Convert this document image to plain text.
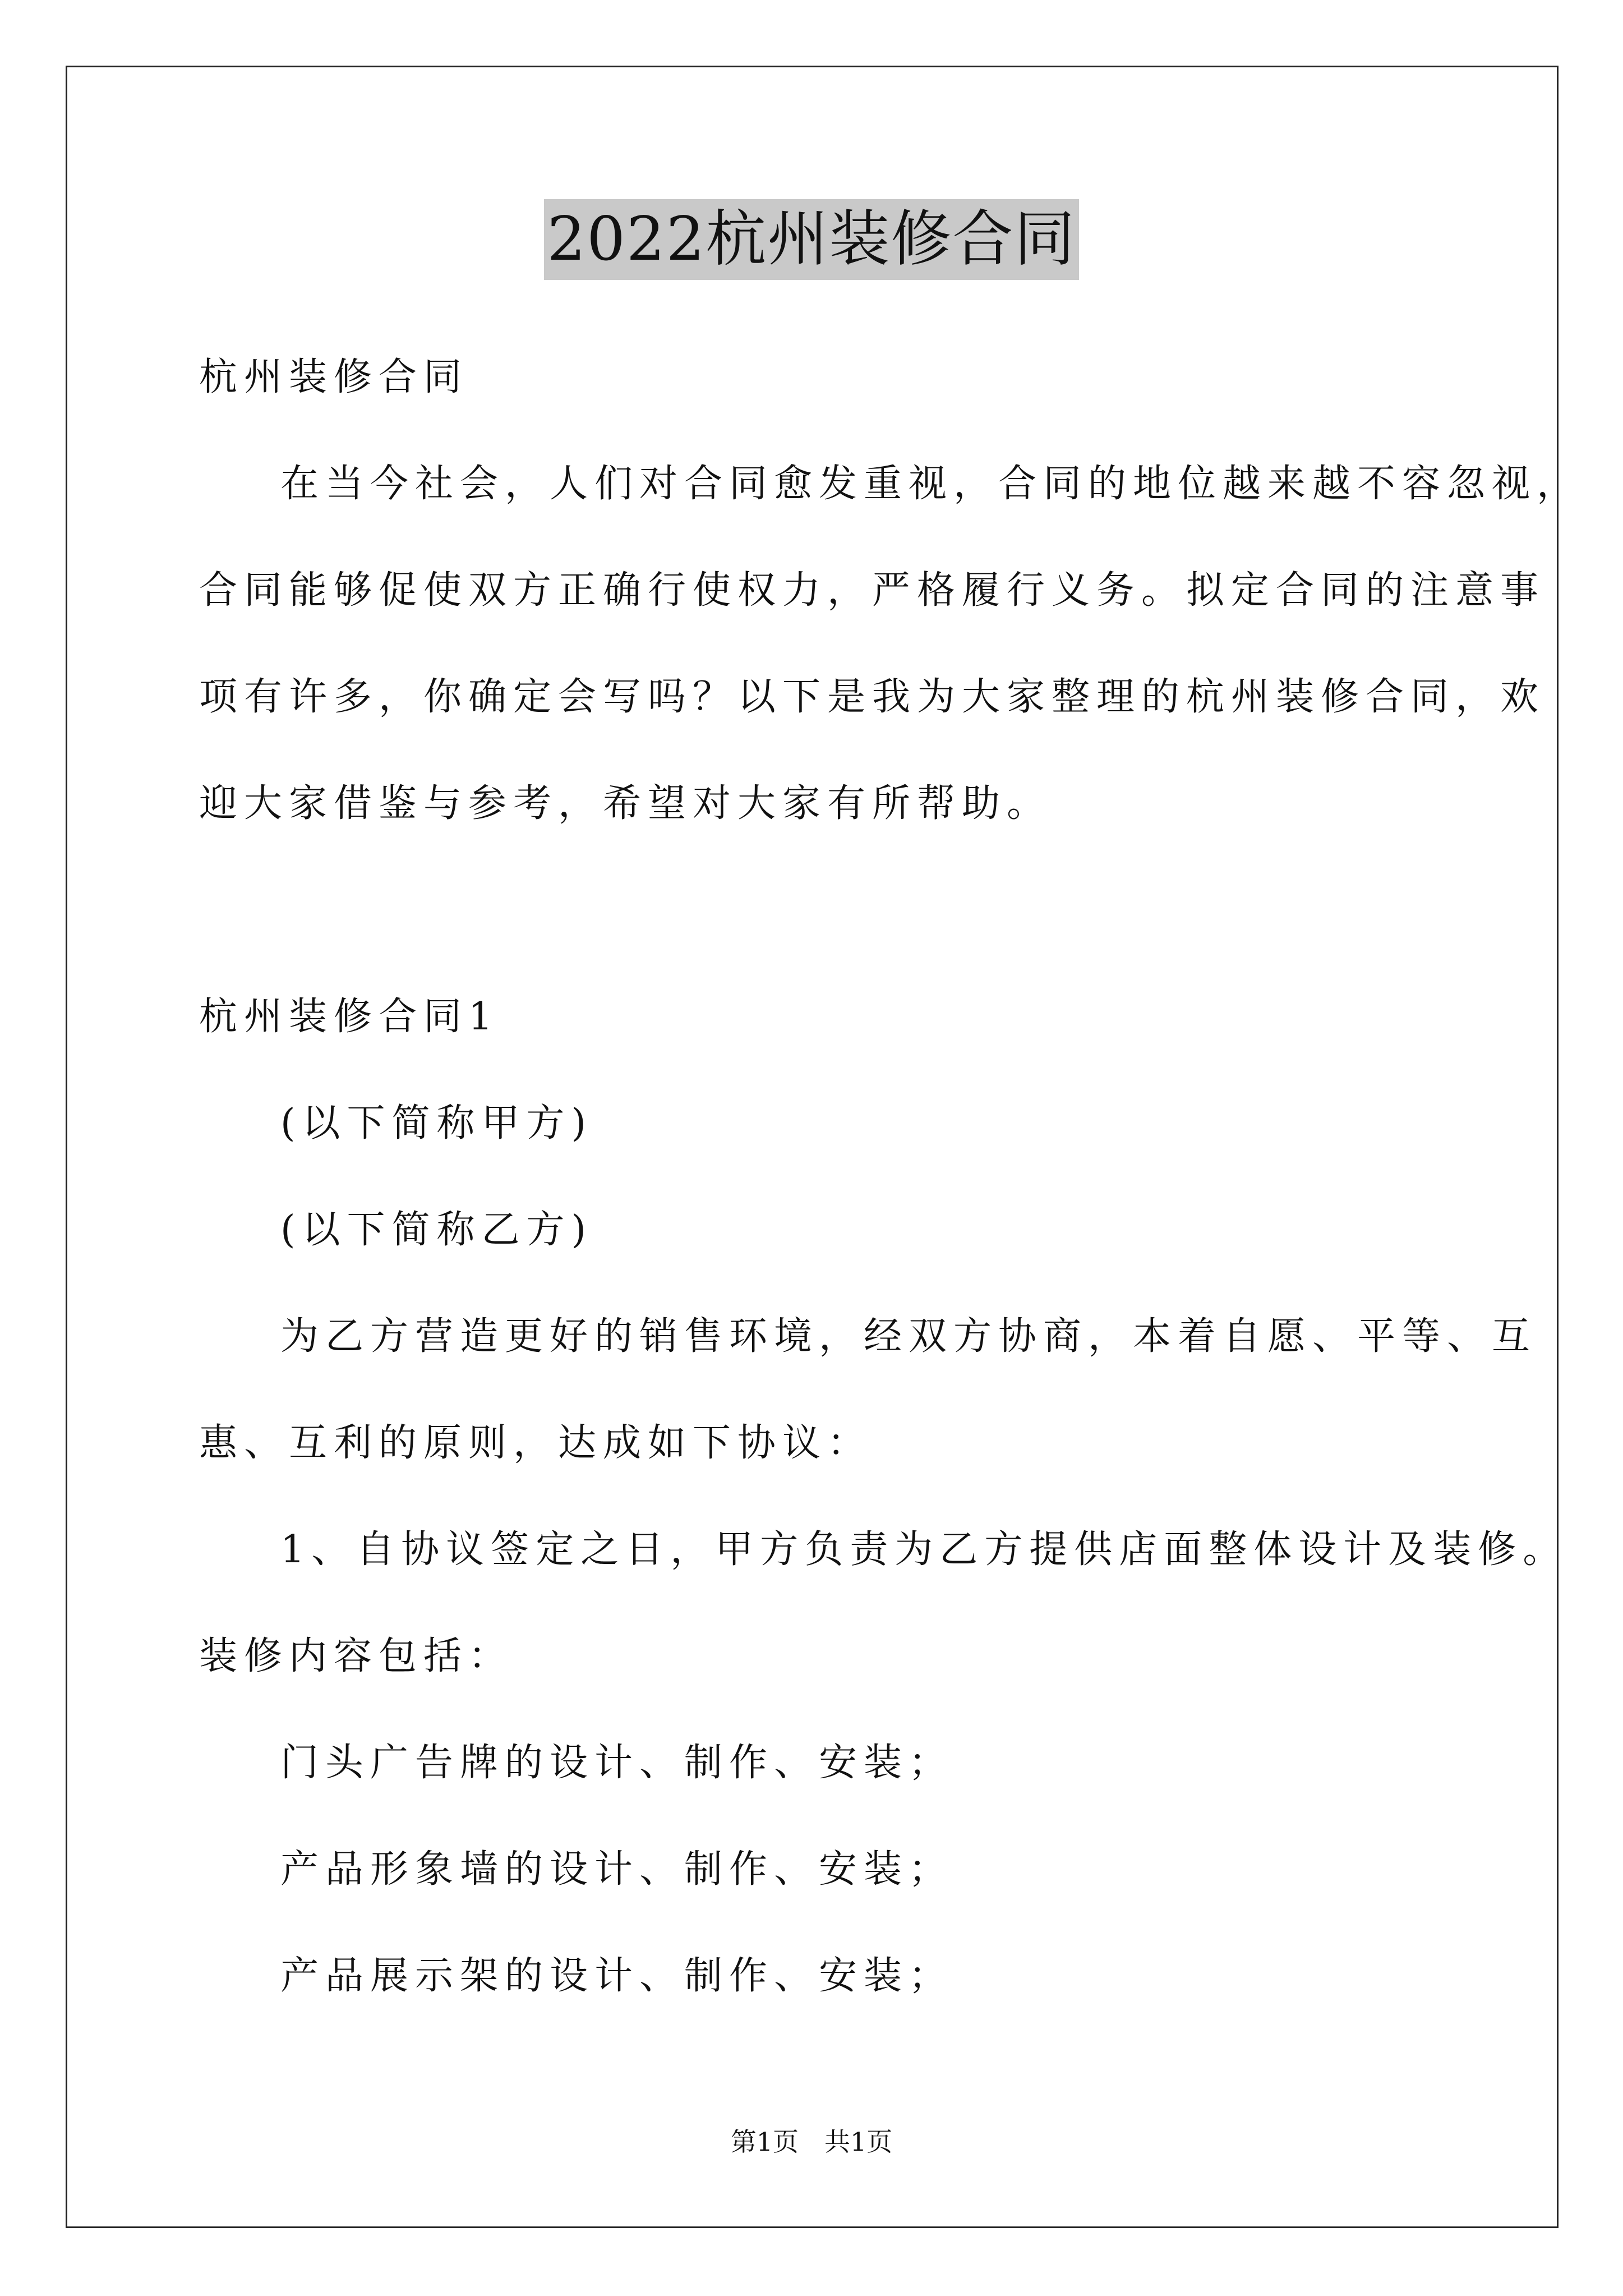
2022杭州装修合同
杭州装修合同
在当今社会，人们对合同愈发重视，合同的地位越来越不容忽视，
合同能够促使双方正确行使权力，严格履行义务。拟定合同的注意事
项有许多，你确定会写吗？以下是我为大家整理的杭州装修合同，欢
迎大家借鉴与参考，希望对大家有所帮助。
杭州装修合同1
(以下简称甲方)
(以下简称乙方)
为乙方营造更好的销售环境，经双方协商，本着自愿、平等、互
惠、互利的原则，达成如下协议：
1、自协议签定之日，甲方负责为乙方提供店面整体设计及装修。
装修内容包括：
门头广告牌的设计、制作、安装；
产品形象墙的设计、制作、安装；
产品展示架的设计、制作、安装；
第1页　共1页
